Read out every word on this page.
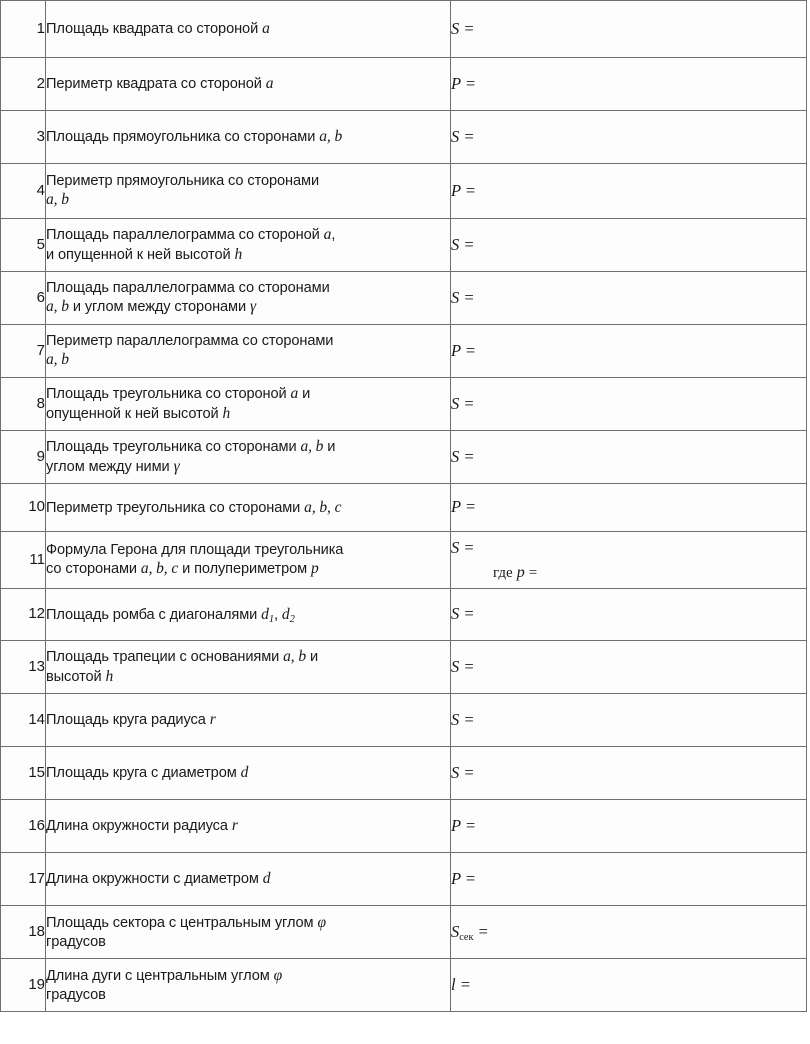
1	Площадь квадрата со стороной a	S =
2	Периметр квадрата со стороной a	P =
3	Площадь прямоугольника со сторонами a, b	S =
4	Периметр прямоугольника со сторонами
a, b	P =
5	Площадь параллелограмма со стороной a,
и опущенной к ней высотой h	S =
6	Площадь параллелограмма со сторонами
a, b и углом между сторонами γ	S =
7	Периметр параллелограмма со сторонами
a, b	P =
8	Площадь треугольника со стороной a и
опущенной к ней высотой h	S =
9	Площадь треугольника со сторонами a, b и
углом между ними γ	S =
10	Периметр треугольника со сторонами a, b, c	P =
11	Формула Герона для площади треугольника
со сторонами a, b, c и полупериметром p	S =
где p =

12	Площадь ромба с диагоналями $d_1$, $d_2$	S =
13	Площадь трапеции с основаниями a, b и
высотой h	S =
14	Площадь круга радиуса r	S =
15	Площадь круга с диаметром d	S =
16	Длина окружности радиуса r	P =
17	Длина окружности с диаметром d	P =
18	Площадь сектора с центральным углом φ
градусов	$S_{сек}$ =
19	Длина дуги с центральным углом φ
градусов	l =
